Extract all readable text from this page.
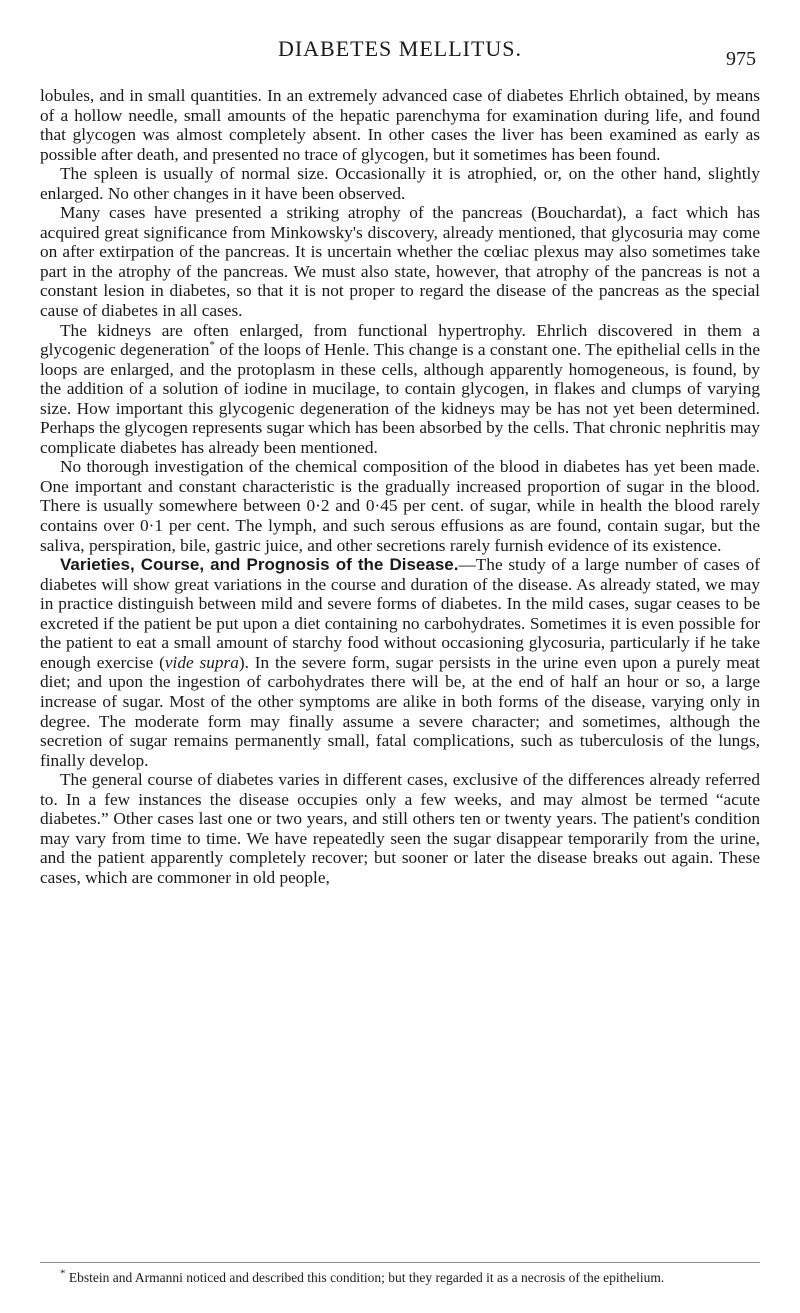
DIABETES MELLITUS.	975

lobules, and in small quantities. In an extremely advanced case of diabetes Ehrlich obtained, by means of a hollow needle, small amounts of the hepatic parenchyma for examination during life, and found that glycogen was almost completely absent. In other cases the liver has been examined as early as possible after death, and presented no trace of glycogen, but it sometimes has been found.

The spleen is usually of normal size. Occasionally it is atrophied, or, on the other hand, slightly enlarged. No other changes in it have been observed.

Many cases have presented a striking atrophy of the pancreas (Bouchardat), a fact which has acquired great significance from Minkowsky's discovery, already mentioned, that glycosuria may come on after extirpation of the pancreas. It is uncertain whether the cœliac plexus may also sometimes take part in the atrophy of the pancreas. We must also state, however, that atrophy of the pancreas is not a constant lesion in diabetes, so that it is not proper to regard the disease of the pancreas as the special cause of diabetes in all cases.

The kidneys are often enlarged, from functional hypertrophy. Ehrlich discovered in them a glycogenic degeneration* of the loops of Henle. This change is a constant one. The epithelial cells in the loops are enlarged, and the protoplasm in these cells, although apparently homogeneous, is found, by the addition of a solution of iodine in mucilage, to contain glycogen, in flakes and clumps of varying size. How important this glycogenic degeneration of the kidneys may be has not yet been determined. Perhaps the glycogen represents sugar which has been absorbed by the cells. That chronic nephritis may complicate diabetes has already been mentioned.

No thorough investigation of the chemical composition of the blood in diabetes has yet been made. One important and constant characteristic is the gradually increased proportion of sugar in the blood. There is usually somewhere between 0·2 and 0·45 per cent. of sugar, while in health the blood rarely contains over 0·1 per cent. The lymph, and such serous effusions as are found, contain sugar, but the saliva, perspiration, bile, gastric juice, and other secretions rarely furnish evidence of its existence.

Varieties, Course, and Prognosis of the Disease.—The study of a large number of cases of diabetes will show great variations in the course and duration of the disease. As already stated, we may in practice distinguish between mild and severe forms of diabetes. In the mild cases, sugar ceases to be excreted if the patient be put upon a diet containing no carbohydrates. Sometimes it is even possible for the patient to eat a small amount of starchy food without occasioning glycosuria, particularly if he take enough exercise (vide supra). In the severe form, sugar persists in the urine even upon a purely meat diet; and upon the ingestion of carbohydrates there will be, at the end of half an hour or so, a large increase of sugar. Most of the other symptoms are alike in both forms of the disease, varying only in degree. The moderate form may finally assume a severe character; and sometimes, although the secretion of sugar remains permanently small, fatal complications, such as tuberculosis of the lungs, finally develop.

The general course of diabetes varies in different cases, exclusive of the differences already referred to. In a few instances the disease occupies only a few weeks, and may almost be termed “acute diabetes.” Other cases last one or two years, and still others ten or twenty years. The patient's condition may vary from time to time. We have repeatedly seen the sugar disappear temporarily from the urine, and the patient apparently completely recover; but sooner or later the disease breaks out again. These cases, which are commoner in old people,

* Ebstein and Armanni noticed and described this condition; but they regarded it as a necrosis of the epithelium.
